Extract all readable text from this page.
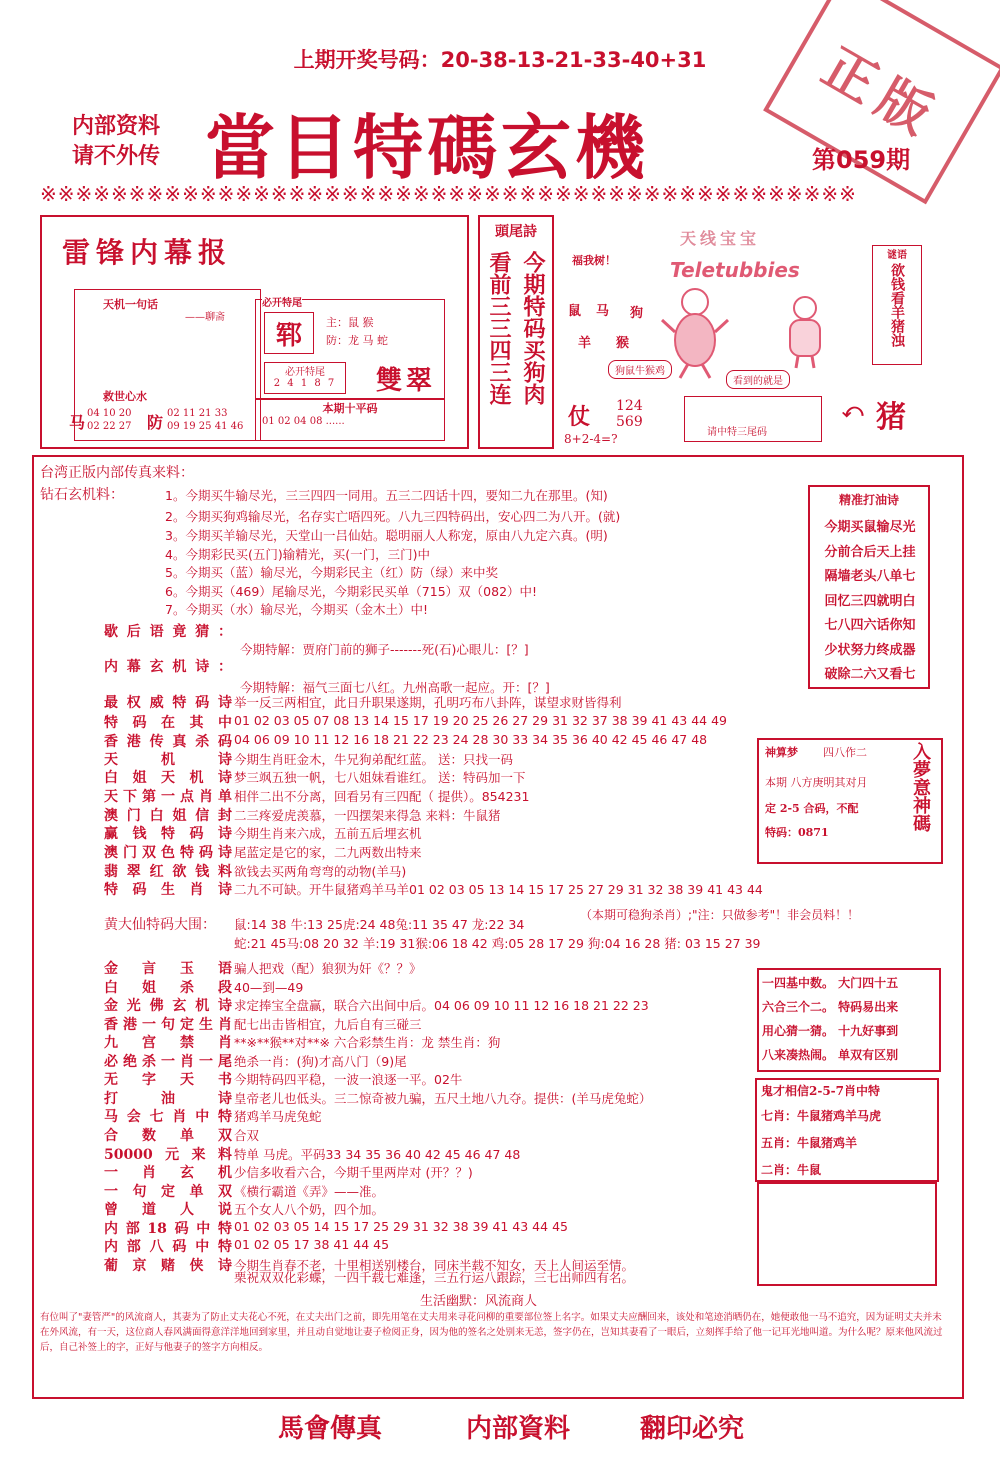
上期开奖号码：20-38-13-21-33-40+31	正版
内部资料
请不外传 當目特碼玄機	第059期
※※※※※※※※※※※※※※※※※※※※※※※※※※※※※※※※※※※※※※※※※※※※※※
雷锋内幕报
天机一句话
——聊斋
救世心水
马 04 10 20
02 22 27 防 02 11 21 33
09 19 25 41 46
必开特尾
郓	主：鼠 猴
防：龙 马 蛇
必开特尾
2 4 1 8 7	雙 翠
本期十平码
01 02 04 08 ......
頭尾詩
看前三三四三连 今期特码买狗肉 福我树！
天线宝宝
Teletubbies
鼠 马 狗
羊 猴
狗鼠牛猴鸡
看到的就是
仗 124
569
8+2-4=?	请中特三尾码
谜语
欲钱看羊猪浊
⤺ 猪
台湾正版内部传真来料：
钻石玄机料：	1。今期买牛输尽光，三三四四一同用。五三二四话十四，要知二九在那里。(知)
2。今期买狗鸡输尽光，名存实亡唔四死。八九三四特码出，安心四二为八开。(就)
3。今期买羊输尽光，天堂山一吕仙姑。聪明丽人人称宠，原由八九定六真。(明)
4。今期彩民买(五门)输精光，买(一门，三门)中
5。今期买（蓝）输尽光，今期彩民主（红）防（绿）来中奖
6。今期买（469）尾输尽光，今期彩民买单（715）双（082）中!
7。今期买（水）输尽光，今期买（金木土）中!
歇后语竟猜：
今期特解：贾府门前的狮子-------死(石)心眼儿：[？]
内幕玄机诗：
今期特解：福气三面七八红。九州高歌一起应。开：[？]
最权威特码诗 举一反三两相宜，此日升职果遂期，孔明巧布八卦阵，谋望求财皆得利
特码在其中 01 02 03 05 07 08 13 14 15 17 19 20 25 26 27 29 31 32 37 38 39 41 43 44 49
香港传真杀码 04 06 09 10 11 12 16 18 21 22 23 24 28 30 33 34 35 36 40 42 45 46 47 48
天机诗 今期生肖旺金木，牛兄狗弟配红蓝。 送：只找一码
白姐天机诗 梦三飒五独一帆，七八姐妹看谁红。 送：特码加一下
天下第一点肖单 相伴二出不分离，回看另有三四配（ 提供）。854231
澳门白姐信封 二三疼爱虎羡慕，一四摆架来得急 来料：牛鼠猪
赢钱特码诗 今期生肖来六成，五前五后埋玄机
澳门双色特码诗 尾蓝定是它的家，二九两数出特来
翡翠红欲钱料 欲钱去买两角弯弯的动物(羊马)
特码生肖诗 二九不可缺。开牛鼠猪鸡羊马羊01 02 03 05 13 14 15 17 25 27 29 31 32 38 39 41 43 44
黄大仙特码大围： 鼠:14 38 牛:13 25虎:24 48兔:11 35 47 龙:22 34
（本期可稳狗杀肖）;"注：只做参考"！非会员料！！
蛇:21 45马:08 20 32 羊:19 31猴:06 18 42 鸡:05 28 17 29 狗:04 16 28 猪: 03 15 27 39
金言玉语 骗人把戏（配）狼狈为奸《？？》
白姐杀段 40—到—49
金光佛玄机诗 求定捧宝全盘赢，联合六出间中后。04 06 09 10 11 12 16 18 21 22 23
香港一句定生肖 配七出击皆相宜，九后自有三碰三
九宫禁肖 **※**猴**对**※ 六合彩禁生肖：龙 禁生肖：狗
必绝杀一肖一尾 绝杀一肖：(狗)才高八门（9)尾
无字天书 今期特码四平稳，一波一浪逐一平。02牛
打油诗 皇帝老儿也低头。三二惊奇被九骗，五尺土地八九夺。提供：(羊马虎兔蛇）
马会七肖中特 猪鸡羊马虎兔蛇
合数单双 合双
50000元来料 特单 马虎。平码33 34 35 36 40 42 45 46 47 48
一肖玄机 少信多收看六合，今期千里两岸对 (开？？)
一句定单双 《横行霸道《弄》——准。
曾道人说 五个女人八个奶，四个加。
内部18码中特 01 02 03 05 14 15 17 25 29 31 32 38 39 41 43 44 45
内部八码中特 01 02 05 17 38 41 44 45
葡京赌侠诗 今期生肖春不老，十里相送别楼台，同床半载不知女，天上人间运至情。
栗祝双双化彩蝶，一四千载七难逢，三五行运八跟踪，三七出师四有名。
生活幽默：风流商人
有位叫了"妻管严"的风流商人，其妻为了防止丈夫花心不死，在丈夫出门之前，即先用笔在丈夫用来寻花问柳的重要部位签上名字。如果丈夫应酬回来，该处和笔迹消晒仍在，她便敢他一马不追究，因为证明丈夫并未在外风流，有一天，这位商人春风满面得意洋洋地回到家里，并且动自觉地让妻子检阅正身，因为他的签名之处别来无恙，签字仍在，岂知其妻看了一眼后，立刻挥手给了他一记耳光地叫道。为什么呢？原来他风流过后，自己补签上的字，正好与他妻子的签字方向相反。
精准打油诗
今期买鼠输尽光
分前合后天上挂
隔墙老头八单七
回忆三四就明白
七八四六话你知
少状努力终成器
破除二六又看七
神算梦 四八作二
本期 八方庚明其对月
定 2-5 合码，不配
特码：0871
入夢意神碼
一四基中数。 大门四十五
六合三个二。 特码易出来
用心猜一猜。 十九好事到
八来凑热闹。 单双有区别
鬼才相信2-5-7肖中特
七肖：牛鼠猪鸡羊马虎
五肖：牛鼠猪鸡羊
二肖：牛鼠
馬會傳真	内部資料	翻印必究
